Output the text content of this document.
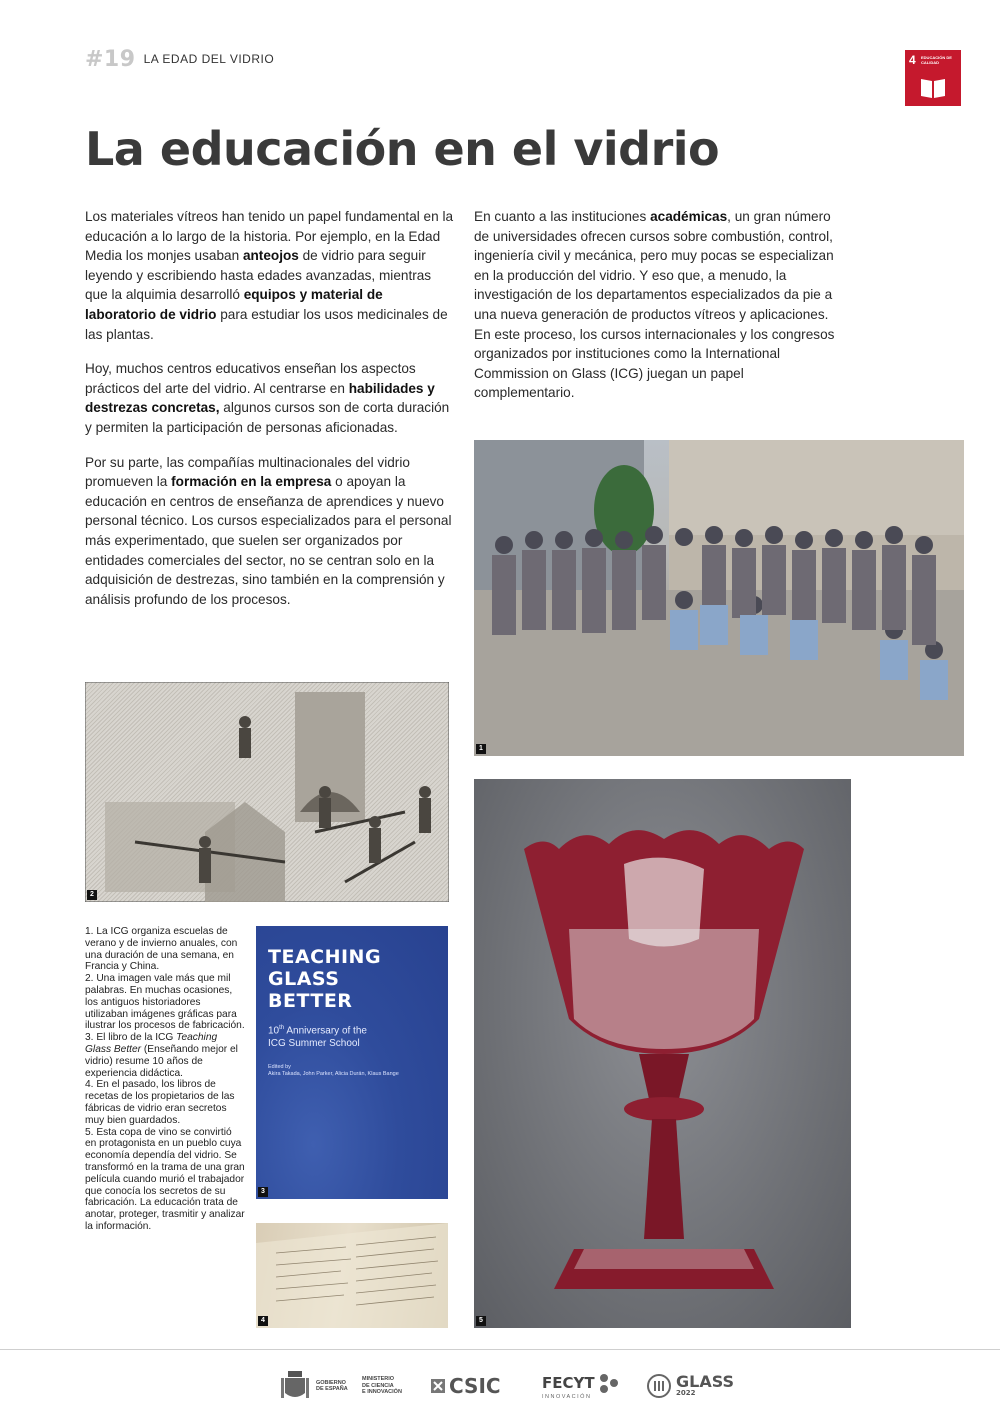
#19 LA EDAD DEL VIDRIO	4 EDUCACIÓN DE CALIDAD
La educación en el vidrio

Los materiales vítreos han tenido un papel fundamental en la educación a lo largo de la historia. Por ejemplo, en la Edad Media los monjes usaban anteojos de vidrio para seguir leyendo y escribiendo hasta edades avanzadas, mientras que la alquimia desarrolló equipos y material de laboratorio de vidrio para estudiar los usos medicinales de las plantas.

Hoy, muchos centros educativos enseñan los aspectos prácticos del arte del vidrio. Al centrarse en habilidades y destrezas concretas, algunos cursos son de corta duración y permiten la participación de personas aficionadas.

Por su parte, las compañías multinacionales del vidrio promueven la formación en la empresa o apoyan la educación en centros de enseñanza de aprendices y nuevo personal técnico. Los cursos especializados para el personal más experimentado, que suelen ser organizados por entidades comerciales del sector, no se centran solo en la adquisición de destrezas, sino también en la comprensión y análisis profundo de los procesos.

En cuanto a las instituciones académicas, un gran número de universidades ofrecen cursos sobre combustión, control, ingeniería civil y mecánica, pero muy pocas se especializan en la producción del vidrio. Y eso que, a menudo, la investigación de los departamentos especializados da pie a una nueva generación de productos vítreos y aplicaciones.

En este proceso, los cursos internacionales y los congresos organizados por instituciones como la International Commission on Glass (ICG) juegan un papel complementario.

1
2

1. La ICG organiza escuelas de verano y de invierno anuales, con una duración de una semana, en Francia y China.

2. Una imagen vale más que mil palabras. En muchas ocasiones, los antiguos historiadores utilizaban imágenes gráficas para ilustrar los procesos de fabricación.

3. El libro de la ICG Teaching Glass Better (Enseñando mejor el vidrio) resume 10 años de experiencia didáctica.

4. En el pasado, los libros de recetas de los propietarios de las fábricas de vidrio eran secretos muy bien guardados.

5. Esta copa de vino se convirtió en protagonista en un pueblo cuya economía dependía del vidrio. Se transformó en la trama de una gran película cuando murió el trabajador que conocía los secretos de su fabricación. La educación trata de anotar, proteger, trasmitir y analizar la información.

TEACHING
GLASS
BETTER
10th Anniversary of the
ICG Summer School
Edited by
Akira Takada, John Parker, Alicia Durán, Klaus Bange
3
4	5
GOBIERNO
DE ESPAÑA
MINISTERIO
DE CIENCIA
E INNOVACIÓN CSIC	FECYT
INNOVACIÓN
GLASS
2022
